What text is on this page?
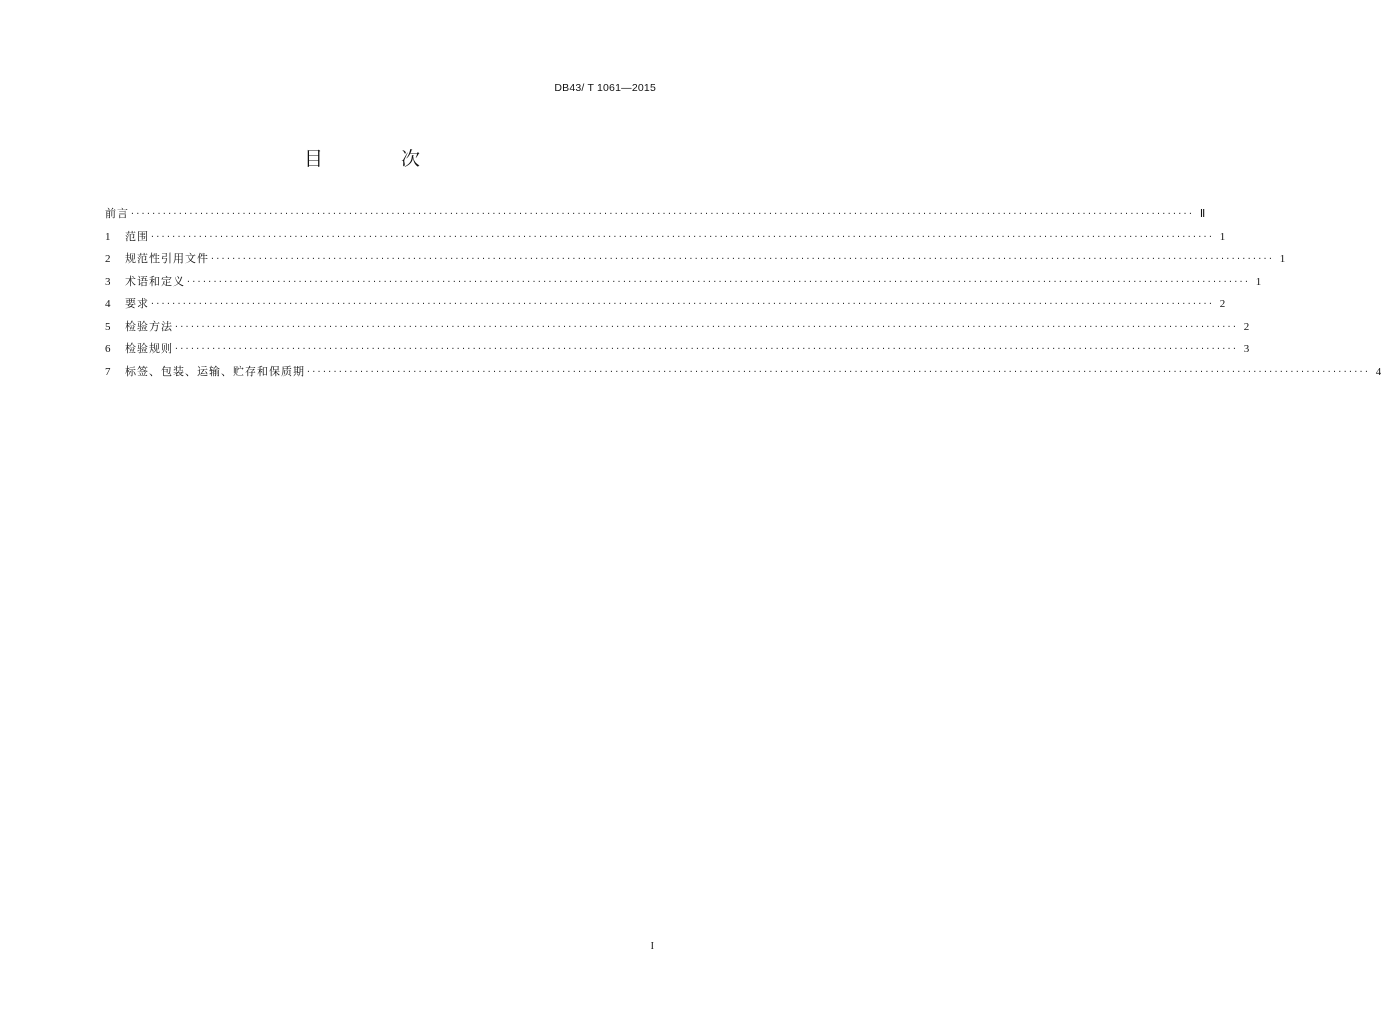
DB43/ T 1061—2015
目 次
前言 ········································································································································································································ Ⅱ
1	范围 ········································································································································································································ 1
2	规范性引用文件 ········································································································································································································ 1
3	术语和定义 ········································································································································································································ 1
4	要求 ········································································································································································································ 2
5	检验方法 ········································································································································································································ 2
6	检验规则 ········································································································································································································ 3
7	标签、包装、运输、贮存和保质期 ········································································································································································································ 4
I
